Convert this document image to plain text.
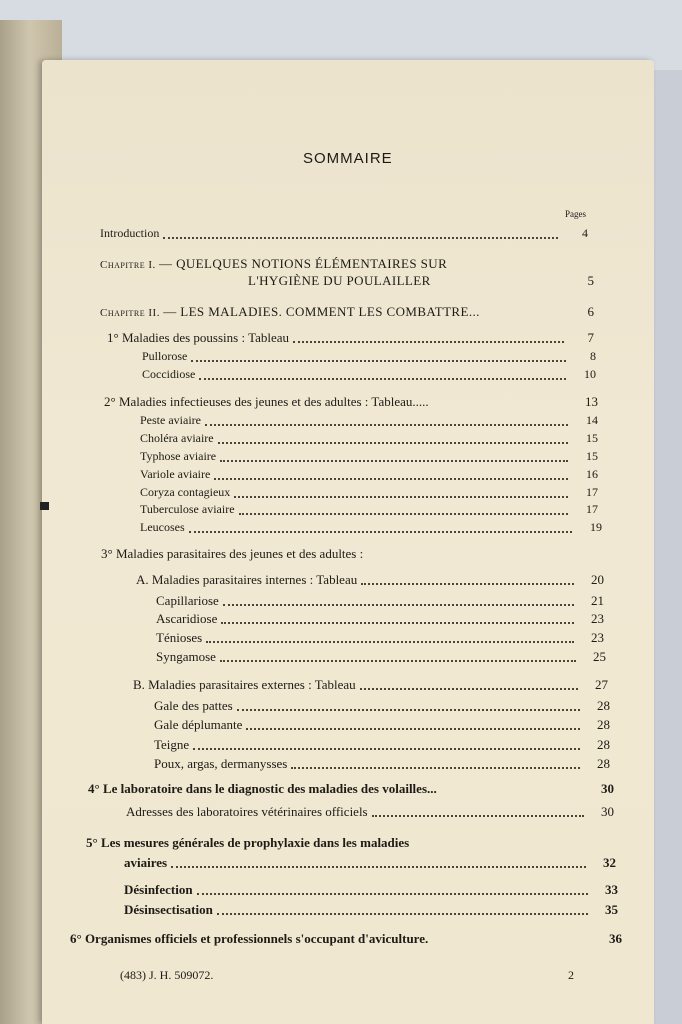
SOMMAIRE
Pages
Introduction	4
Chapitre I. — QUELQUES NOTIONS ÉLÉMENTAIRES SUR
L'HYGIÈNE DU POULAILLER	5
Chapitre II. — LES MALADIES. COMMENT LES COMBATTRE...	6
1° Maladies des poussins : Tableau	7
Pullorose	8
Coccidiose	10
2° Maladies infectieuses des jeunes et des adultes : Tableau.....	13
Peste aviaire	14
Choléra aviaire	15
Typhose aviaire	15
Variole aviaire	16
Coryza contagieux	17
Tuberculose aviaire	17
Leucoses	19
3° Maladies parasitaires des jeunes et des adultes :
A. Maladies parasitaires internes : Tableau	20
Capillariose	21
Ascaridiose	23
Ténioses	23
Syngamose	25
B. Maladies parasitaires externes : Tableau	27
Gale des pattes	28
Gale déplumante	28
Teigne	28
Poux, argas, dermanysses	28
4° Le laboratoire dans le diagnostic des maladies des volailles...	30
Adresses des laboratoires vétérinaires officiels	30
5° Les mesures générales de prophylaxie dans les maladies
aviaires	32
Désinfection	33
Désinsectisation	35
6° Organismes officiels et professionnels s'occupant d'aviculture.	36
(483) J. H. 509072.	2
